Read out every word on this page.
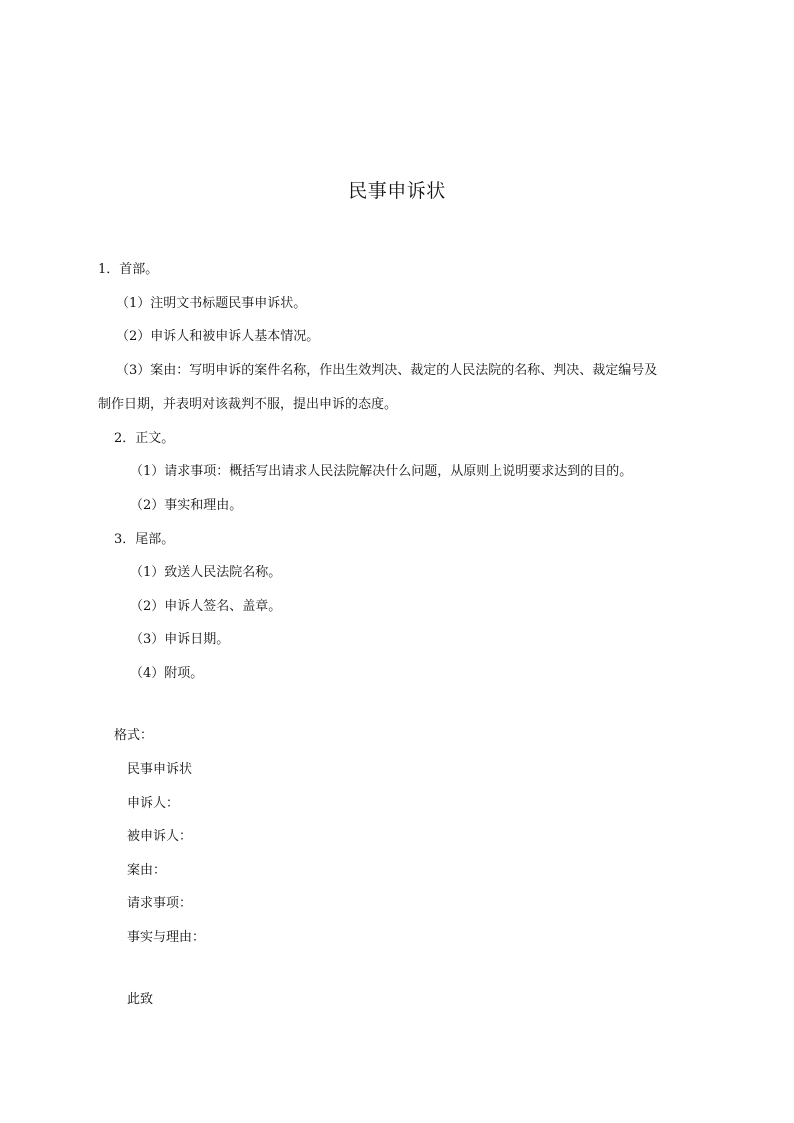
民事申诉状
1．首部。
（1）注明文书标题民事申诉状。
（2）申诉人和被申诉人基本情况。
（3）案由：写明申诉的案件名称，作出生效判决、裁定的人民法院的名称、判决、裁定编号及
制作日期，并表明对该裁判不服，提出申诉的态度。
2．正文。
（1）请求事项：概括写出请求人民法院解决什么问题，从原则上说明要求达到的目的。
（2）事实和理由。
3．尾部。
（1）致送人民法院名称。
（2）申诉人签名、盖章。
（3）申诉日期。
（4）附项。
格式：
民事申诉状
申诉人：
被申诉人：
案由：
请求事项：
事实与理由：
此致
